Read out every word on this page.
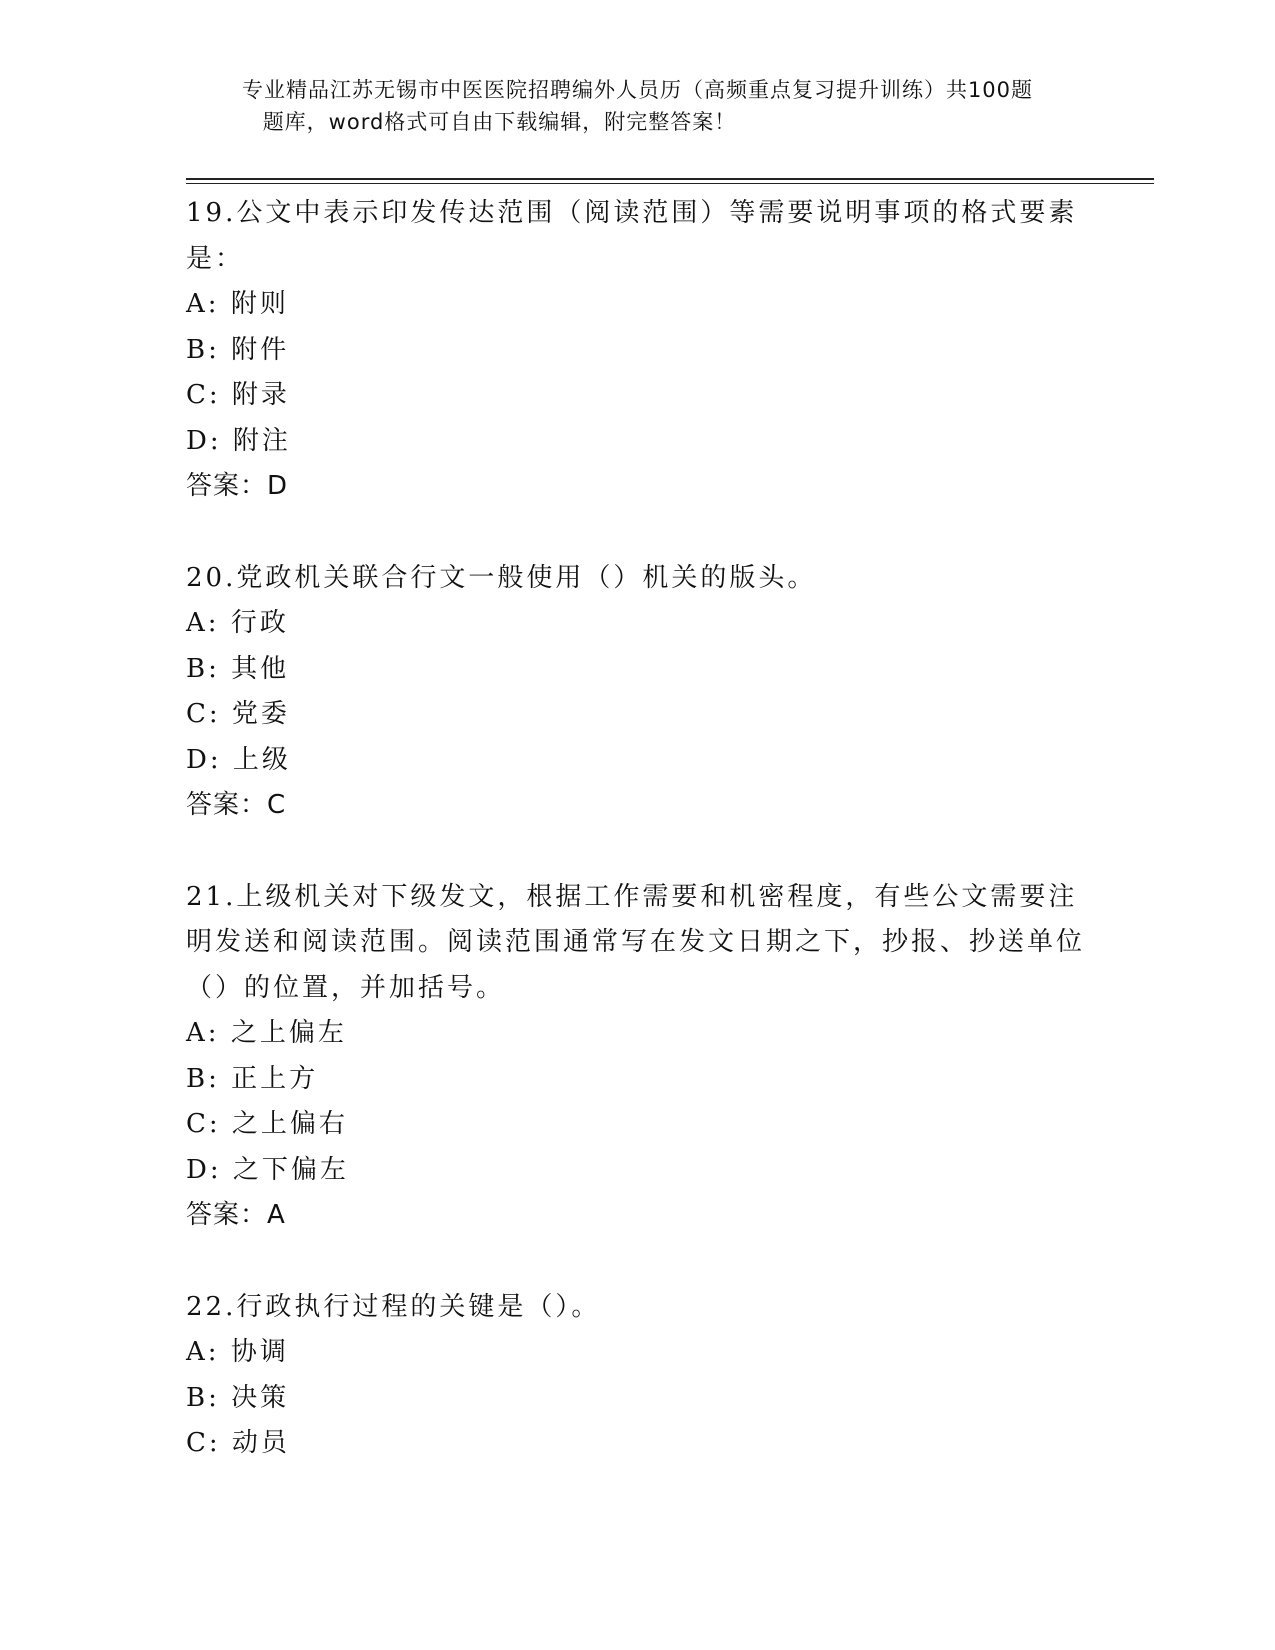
专业精品江苏无锡市中医医院招聘编外人员历（高频重点复习提升训练）共100题
题库，word格式可自由下载编辑，附完整答案！
19.公文中表示印发传达范围（阅读范围）等需要说明事项的格式要素是：
A: 附则
B: 附件
C: 附录
D: 附注
答案：D
20.党政机关联合行文一般使用（）机关的版头。
A: 行政
B: 其他
C: 党委
D: 上级
答案：C
21.上级机关对下级发文，根据工作需要和机密程度，有些公文需要注明发送和阅读范围。阅读范围通常写在发文日期之下，抄报、抄送单位（）的位置，并加括号。
A: 之上偏左
B: 正上方
C: 之上偏右
D: 之下偏左
答案：A
22.行政执行过程的关键是（）。
A: 协调
B: 决策
C: 动员
